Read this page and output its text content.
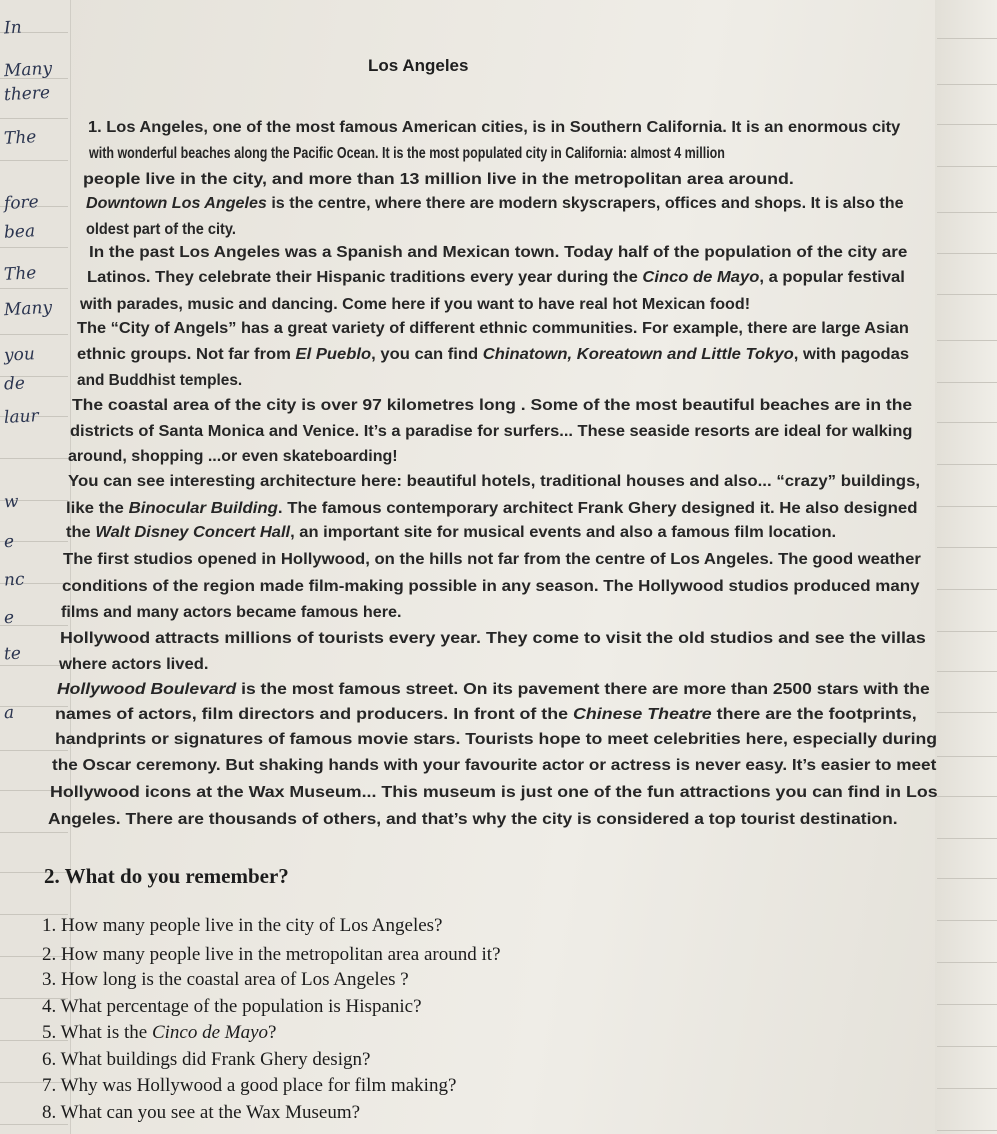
In
Many
there
The
fore
bea
The
Many
you
de
laur
w
e
nc
e
te
a
Los Angeles
1. Los Angeles, one of the most famous American cities, is in Southern California. It is an enormous city
with wonderful beaches along the Pacific Ocean. It is the most populated city in California: almost 4 million
people live in the city, and more than 13 million live in the metropolitan area around.
Downtown Los Angeles is the centre, where there are modern skyscrapers, offices and shops. It is also the
oldest part of the city.
In the past Los Angeles was a Spanish and Mexican town. Today half of the population of the city are
Latinos. They celebrate their Hispanic traditions every year during the Cinco de Mayo, a popular festival
with parades, music and dancing. Come here if you want to have real hot Mexican food!
The “City of Angels” has a great variety of different ethnic communities. For example, there are large Asian
ethnic groups. Not far from El Pueblo, you can find Chinatown, Koreatown and Little Tokyo, with pagodas
and Buddhist temples.
The coastal area of the city is over 97 kilometres long . Some of the most beautiful beaches are in the
districts of Santa Monica and Venice. It’s a paradise for surfers... These seaside resorts are ideal for walking
around, shopping ...or even skateboarding!
You can see interesting architecture here: beautiful hotels, traditional houses and also... “crazy” buildings,
like the Binocular Building. The famous contemporary architect Frank Ghery designed it. He also designed
the Walt Disney Concert Hall, an important site for musical events and also a famous film location.
The first studios opened in Hollywood, on the hills not far from the centre of Los Angeles. The good weather
conditions of the region made film-making possible in any season. The Hollywood studios produced many
films and many actors became famous here.
Hollywood attracts millions of tourists every year. They come to visit the old studios and see the villas
where actors lived.
Hollywood Boulevard is the most famous street. On its pavement there are more than 2500 stars with the
names of actors, film directors and producers. In front of the Chinese Theatre there are the footprints,
handprints or signatures of famous movie stars. Tourists hope to meet celebrities here, especially during
the Oscar ceremony. But shaking hands with your favourite actor or actress is never easy. It’s easier to meet
Hollywood icons at the Wax Museum... This museum is just one of the fun attractions you can find in Los
Angeles. There are thousands of others, and that’s why the city is considered a top tourist destination.
2. What do you remember?
1. How many people live in the city of Los Angeles?
2. How many people live in the metropolitan area around it?
3. How long is the coastal area of Los Angeles ?
4. What percentage of the population is Hispanic?
5. What is the Cinco de Mayo?
6. What buildings did Frank Ghery design?
7. Why was Hollywood a good place for film making?
8. What can you see at the Wax Museum?
